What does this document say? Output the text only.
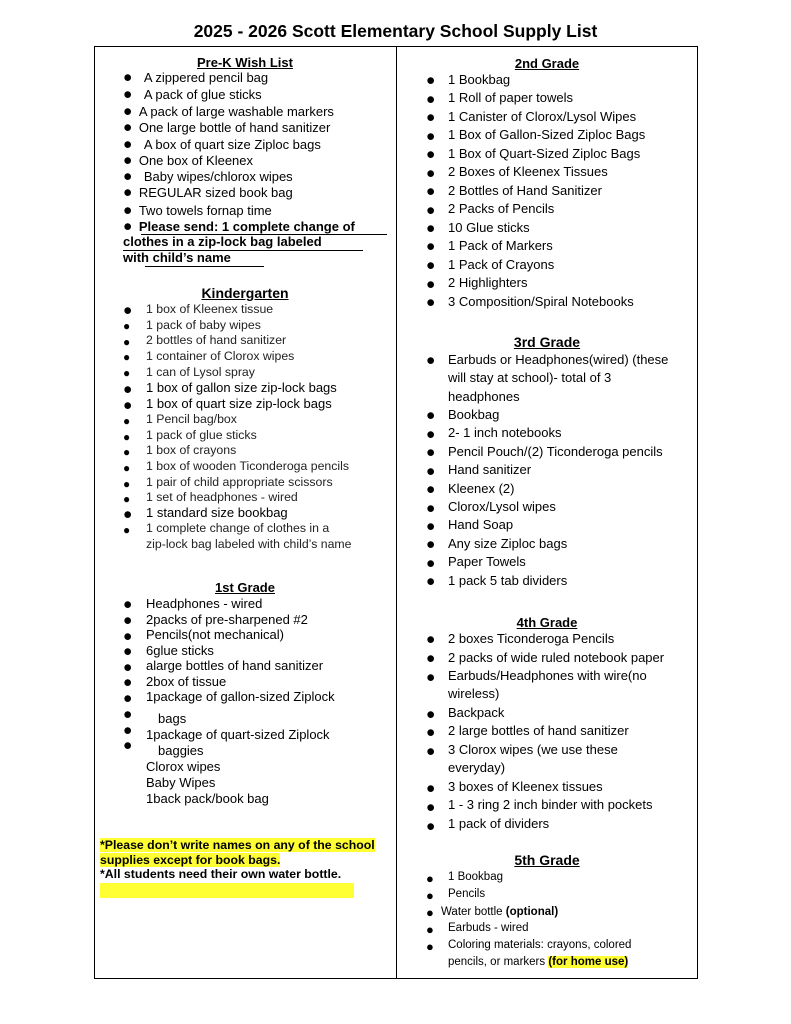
2025 - 2026 Scott Elementary School Supply List
Pre-K Wish List
● A zippered pencil bag
● A pack of glue sticks
● A pack of large washable markers
● One large bottle of hand sanitizer
● A box of quart size Ziploc bags
● One box of Kleenex
● Baby wipes/chlorox wipes
● REGULAR sized book bag
● Two towels fornap time
● Please send: 1 complete change of
clothes in a zip-lock bag labeled
with child’s name
Kindergarten
● 1 box of Kleenex tissue
● 1 pack of baby wipes
● 2 bottles of hand sanitizer
● 1 container of Clorox wipes
● 1 can of Lysol spray
● 1 box of gallon size zip-lock bags
● 1 box of quart size zip-lock bags
● 1 Pencil bag/box
● 1 pack of glue sticks
● 1 box of crayons
● 1 box of wooden Ticonderoga pencils
● 1 pair of child appropriate scissors
● 1 set of headphones - wired
● 1 standard size bookbag
● 1 complete change of clothes in a
zip-lock bag labeled with child’s name
1st Grade
● Headphones - wired
● 2packs of pre-sharpened #2
● Pencils(not mechanical)
● 6glue sticks
● alarge bottles of hand sanitizer
● 2box of tissue
● 1package of gallon-sized Ziplock
● bags
● 1package of quart-sized Ziplock
● baggies
Clorox wipes
Baby Wipes
1back pack/book bag
*Please don’t write names on any of the school
supplies except for book bags.
*All students need their own water bottle.
2nd Grade
● 1 Bookbag
● 1 Roll of paper towels
● 1 Canister of Clorox/Lysol Wipes
● 1 Box of Gallon-Sized Ziploc Bags
● 1 Box of Quart-Sized Ziploc Bags
● 2 Boxes of Kleenex Tissues
● 2 Bottles of Hand Sanitizer
● 2 Packs of Pencils
● 10 Glue sticks
● 1 Pack of Markers
● 1 Pack of Crayons
● 2 Highlighters
● 3 Composition/Spiral Notebooks
3rd Grade
● Earbuds or Headphones(wired) (these
will stay at school)- total of 3
headphones
● Bookbag
● 2- 1 inch notebooks
● Pencil Pouch/(2) Ticonderoga pencils
● Hand sanitizer
● Kleenex (2)
● Clorox/Lysol wipes
● Hand Soap
● Any size Ziploc bags
● Paper Towels
● 1 pack 5 tab dividers
4th Grade
● 2 boxes Ticonderoga Pencils
● 2 packs of wide ruled notebook paper
● Earbuds/Headphones with wire(no
wireless)
● Backpack
● 2 large bottles of hand sanitizer
● 3 Clorox wipes (we use these
everyday)
● 3 boxes of Kleenex tissues
● 1 - 3 ring 2 inch binder with pockets
● 1 pack of dividers
5th Grade
● 1 Bookbag
● Pencils
● Water bottle (optional)
● Earbuds - wired
● Coloring materials: crayons, colored
pencils, or markers (for home use)
